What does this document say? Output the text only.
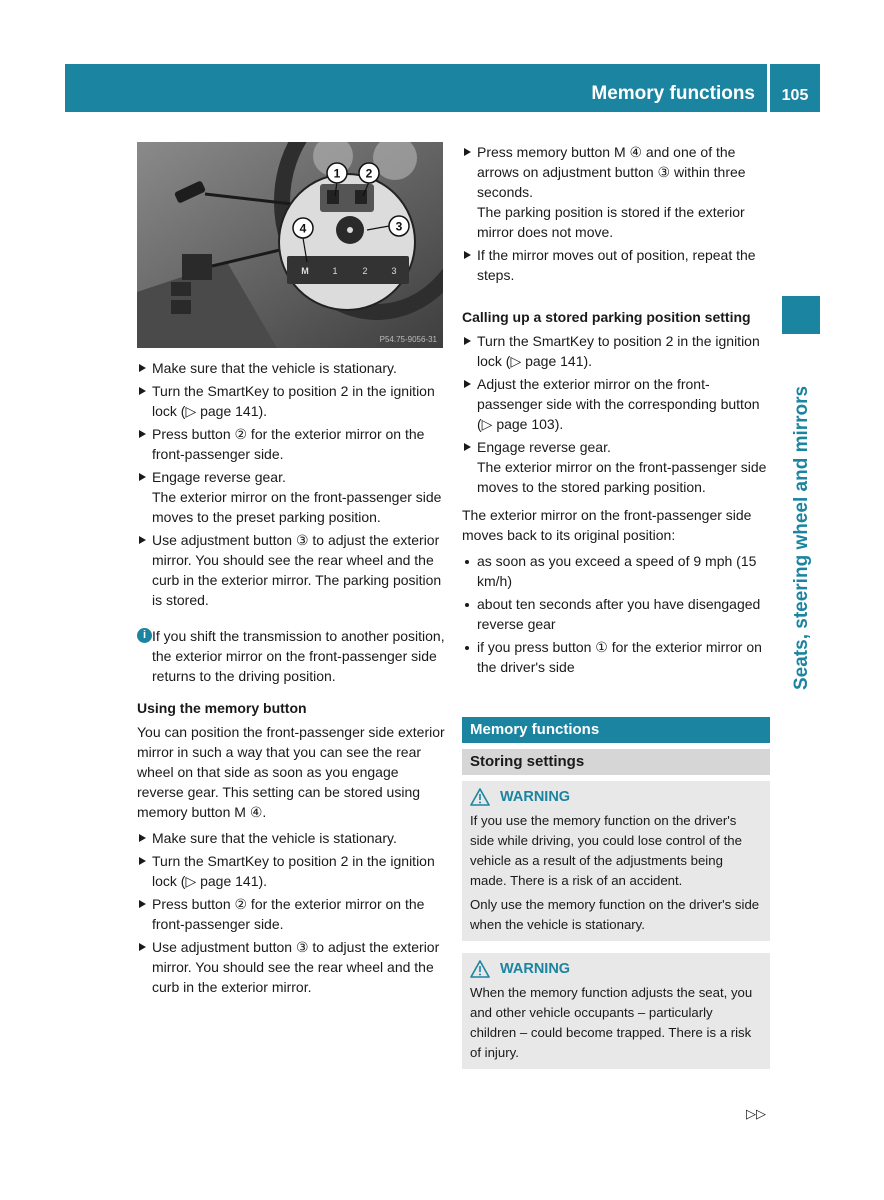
Memory functions	105
Seats, steering wheel and mirrors
M	1	2	3
1 2
3
4
P54.75-9056-31

Make sure that the vehicle is stationary.

Turn the SmartKey to position 2 in the ignition lock (▷ page 141).

Press button ② for the exterior mirror on the front-passenger side.

Engage reverse gear.
The exterior mirror on the front-passenger side moves to the preset parking position.

Use adjustment button ③ to adjust the exterior mirror. You should see the rear wheel and the curb in the exterior mirror. The parking position is stored.

i If you shift the transmission to another position, the exterior mirror on the front-passenger side returns to the driving position.

Using the memory button

You can position the front-passenger side exterior mirror in such a way that you can see the rear wheel on that side as soon as you engage reverse gear. This setting can be stored using memory button M ④.

Make sure that the vehicle is stationary.

Turn the SmartKey to position 2 in the ignition lock (▷ page 141).

Press button ② for the exterior mirror on the front-passenger side.

Use adjustment button ③ to adjust the exterior mirror. You should see the rear wheel and the curb in the exterior mirror.

Press memory button M ④ and one of the arrows on adjustment button ③ within three seconds.
The parking position is stored if the exterior mirror does not move.

If the mirror moves out of position, repeat the steps.

Calling up a stored parking position setting

Turn the SmartKey to position 2 in the ignition lock (▷ page 141).

Adjust the exterior mirror on the front-passenger side with the corresponding button (▷ page 103).

Engage reverse gear.
The exterior mirror on the front-passenger side moves to the stored parking position.

The exterior mirror on the front-passenger side moves back to its original position:

as soon as you exceed a speed of 9 mph (15 km/h)

about ten seconds after you have disengaged reverse gear

if you press button ① for the exterior mirror on the driver's side

Memory functions
Storing settings
WARNING

If you use the memory function on the driver's side while driving, you could lose control of the vehicle as a result of the adjustments being made. There is a risk of an accident.

Only use the memory function on the driver's side when the vehicle is stationary.

WARNING

When the memory function adjusts the seat, you and other vehicle occupants – particularly children – could become trapped. There is a risk of injury.

▷▷
